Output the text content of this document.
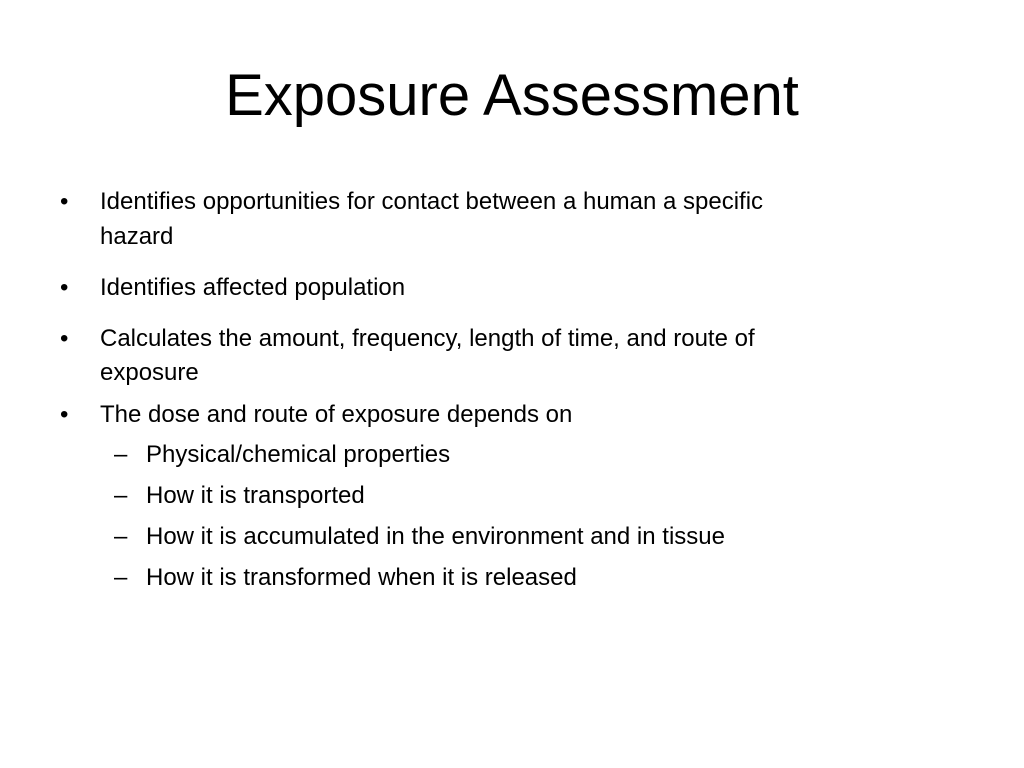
Exposure Assessment
•	Identifies opportunities for contact between a human a specific
hazard
•	Identifies affected population
•	Calculates the amount, frequency, length of time, and route of
exposure
•	The dose and route of exposure depends on
– Physical/chemical properties
– How it is transported
– How it is accumulated in the environment and in tissue
– How it is transformed when it is released
